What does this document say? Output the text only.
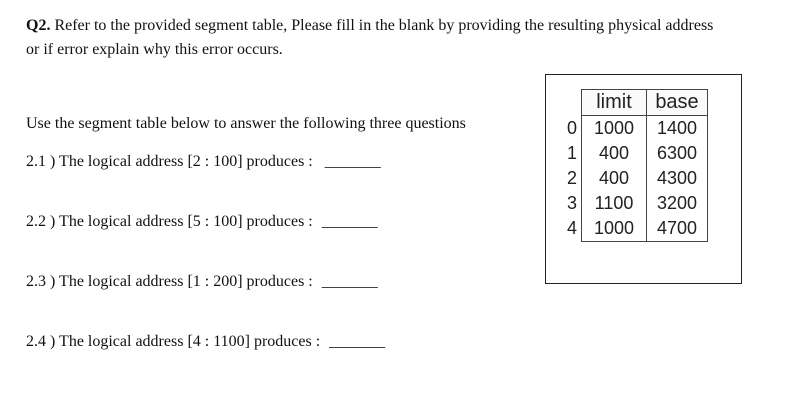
Q2. Refer to the provided segment table, Please fill in the blank by providing the resulting physical address or if error explain why this error occurs.
Use the segment table below to answer the following three questions
2.1 ) The logical address [2 : 100] produces : _______
2.2 ) The logical address [5 : 100] produces : _______
2.3 ) The logical address [1 : 200] produces : _______
2.4 ) The logical address [4 : 1100] produces : _______
	limit	base
0	1000	1400
1	400	6300
2	400	4300
3	1100	3200
4	1000	4700
